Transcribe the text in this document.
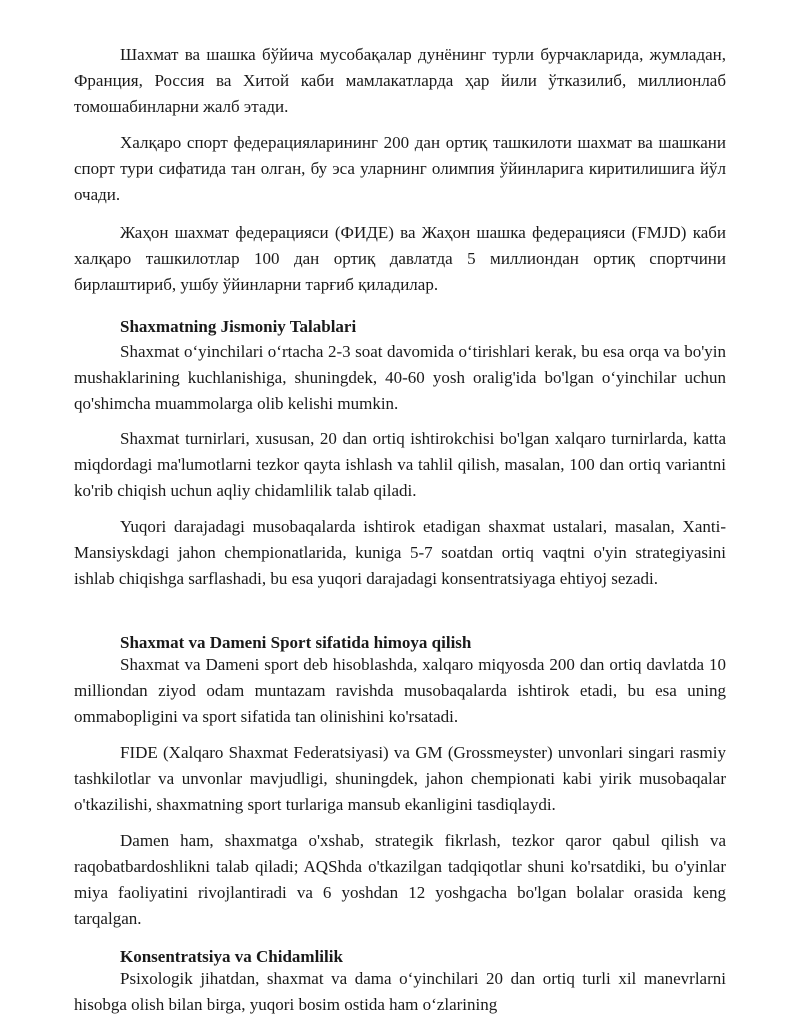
Шахмат ва шашка бўйича мусобақалар дунёнинг турли бурчакларида, жумладан, Франция, Россия ва Хитой каби мамлакатларда ҳар йили ўтказилиб, миллионлаб томошабинларни жалб этади.

Халқаро спорт федерацияларининг 200 дан ортиқ ташкилоти шахмат ва шашкани спорт тури сифатида тан олган, бу эса уларнинг олимпия ўйинларига киритилишига йўл очади.

Жаҳон шахмат федерацияси (ФИДЕ) ва Жаҳон шашка федерацияси (FMJD) каби халқаро ташкилотлар 100 дан ортиқ давлатда 5 миллиондан ортиқ спортчини бирлаштириб, ушбу ўйинларни тарғиб қиладилар.

Shaxmatning Jismoniy Talablari

Shaxmat oʻyinchilari oʻrtacha 2-3 soat davomida oʻtirishlari kerak, bu esa orqa va bo'yin mushaklarining kuchlanishiga, shuningdek, 40-60 yosh oralig'ida bo'lgan oʻyinchilar uchun qo'shimcha muammolarga olib kelishi mumkin.

Shaxmat turnirlari, xususan, 20 dan ortiq ishtirokchisi bo'lgan xalqaro turnirlarda, katta miqdordagi ma'lumotlarni tezkor qayta ishlash va tahlil qilish, masalan, 100 dan ortiq variantni ko'rib chiqish uchun aqliy chidamlilik talab qiladi.

Yuqori darajadagi musobaqalarda ishtirok etadigan shaxmat ustalari, masalan, Xanti-Mansiyskdagi jahon chempionatlarida, kuniga 5-7 soatdan ortiq vaqtni o'yin strategiyasini ishlab chiqishga sarflashadi, bu esa yuqori darajadagi konsentratsiyaga ehtiyoj sezadi.

Shaxmat va Dameni Sport sifatida himoya qilish

Shaxmat va Dameni sport deb hisoblashda, xalqaro miqyosda 200 dan ortiq davlatda 10 milliondan ziyod odam muntazam ravishda musobaqalarda ishtirok etadi, bu esa uning ommabopligini va sport sifatida tan olinishini ko'rsatadi.

FIDE (Xalqaro Shaxmat Federatsiyasi) va GM (Grossmeyster) unvonlari singari rasmiy tashkilotlar va unvonlar mavjudligi, shuningdek, jahon chempionati kabi yirik musobaqalar o'tkazilishi, shaxmatning sport turlariga mansub ekanligini tasdiqlaydi.

Damen ham, shaxmatga o'xshab, strategik fikrlash, tezkor qaror qabul qilish va raqobatbardoshlikni talab qiladi; AQShda o'tkazilgan tadqiqotlar shuni ko'rsatdiki, bu o'yinlar miya faoliyatini rivojlantiradi va 6 yoshdan 12 yoshgacha bo'lgan bolalar orasida keng tarqalgan.

Konsentratsiya va Chidamlilik

Psixologik jihatdan, shaxmat va dama oʻyinchilari 20 dan ortiq turli xil manevrlarni hisobga olish bilan birga, yuqori bosim ostida ham oʻzlarining
